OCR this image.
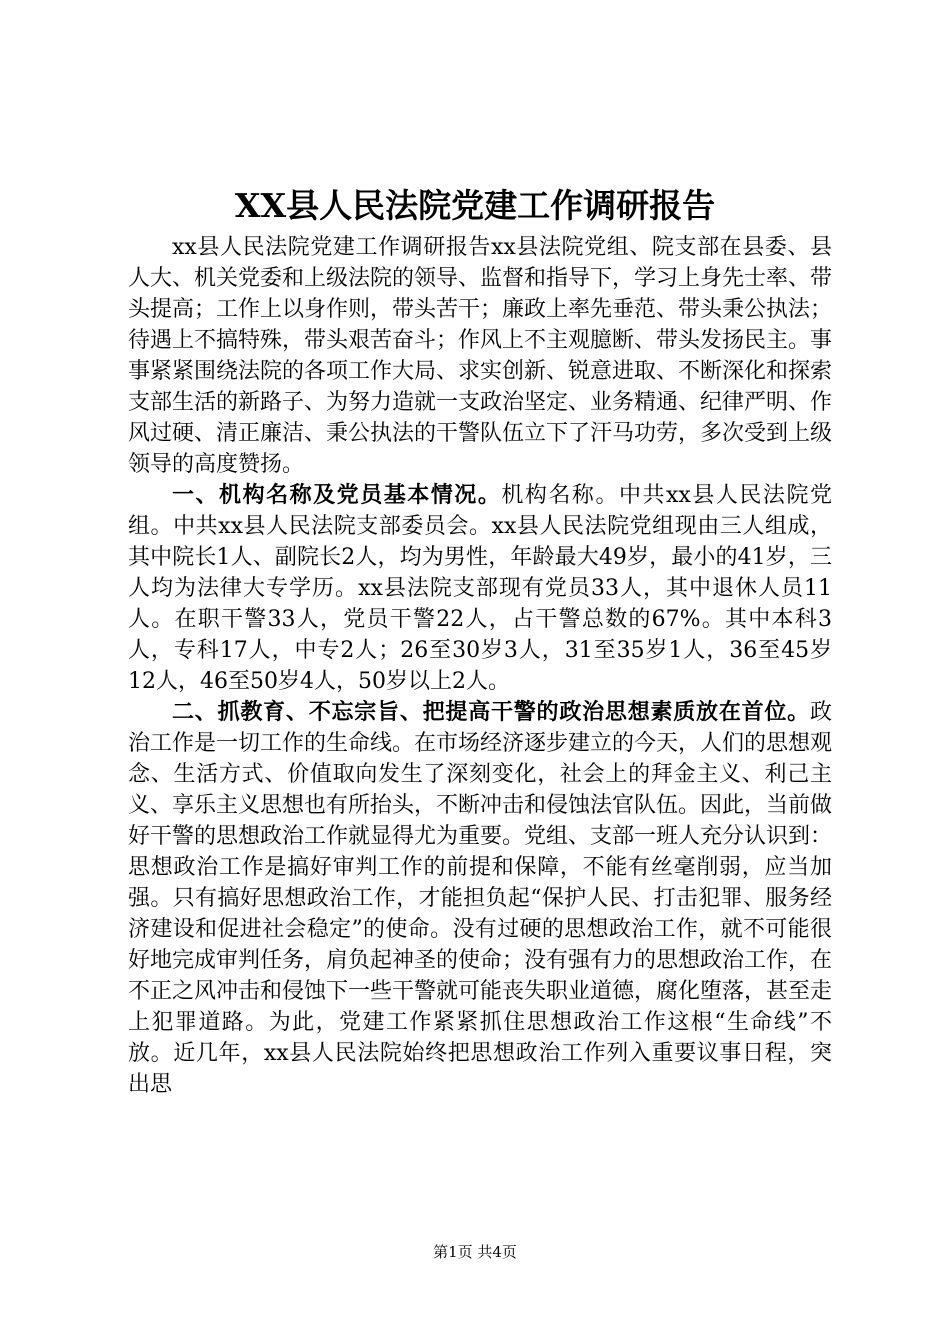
XX县人民法院党建工作调研报告

xx县人民法院党建工作调研报告xx县法院党组、院支部在县委、县人大、机关党委和上级法院的领导、监督和指导下，学习上身先士率、带头提高；工作上以身作则，带头苦干；廉政上率先垂范、带头秉公执法；待遇上不搞特殊，带头艰苦奋斗；作风上不主观臆断、带头发扬民主。事事紧紧围绕法院的各项工作大局、求实创新、锐意进取、不断深化和探索支部生活的新路子、为努力造就一支政治坚定、业务精通、纪律严明、作风过硬、清正廉洁、秉公执法的干警队伍立下了汗马功劳，多次受到上级领导的高度赞扬。

一、机构名称及党员基本情况。机构名称。中共xx县人民法院党组。中共xx县人民法院支部委员会。xx县人民法院党组现由三人组成，其中院长1人、副院长2人，均为男性，年龄最大49岁，最小的41岁，三人均为法律大专学历。xx县法院支部现有党员33人，其中退休人员11人。在职干警33人，党员干警22人，占干警总数的67%。其中本科3人，专科17人，中专2人；26至30岁3人，31至35岁1人，36至45岁12人，46至50岁4人，50岁以上2人。

二、抓教育、不忘宗旨、把提高干警的政治思想素质放在首位。政治工作是一切工作的生命线。在市场经济逐步建立的今天，人们的思想观念、生活方式、价值取向发生了深刻变化，社会上的拜金主义、利己主义、享乐主义思想也有所抬头，不断冲击和侵蚀法官队伍。因此，当前做好干警的思想政治工作就显得尤为重要。党组、支部一班人充分认识到：思想政治工作是搞好审判工作的前提和保障，不能有丝毫削弱，应当加强。只有搞好思想政治工作，才能担负起“保护人民、打击犯罪、服务经济建设和促进社会稳定”的使命。没有过硬的思想政治工作，就不可能很好地完成审判任务，肩负起神圣的使命；没有强有力的思想政治工作，在不正之风冲击和侵蚀下一些干警就可能丧失职业道德，腐化堕落，甚至走上犯罪道路。为此，党建工作紧紧抓住思想政治工作这根“生命线”不放。近几年，xx县人民法院始终把思想政治工作列入重要议事日程，突出思

第1页 共4页
